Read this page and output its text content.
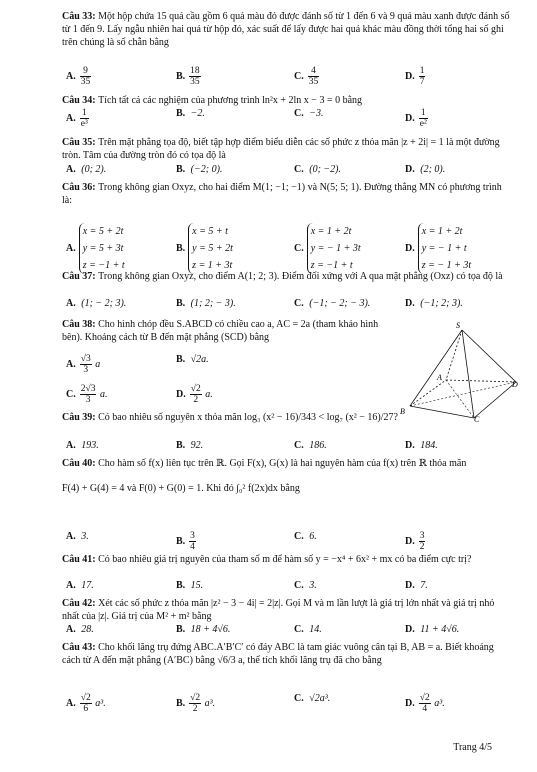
Câu 33: Một hộp chứa 15 quả cầu gồm 6 quả màu đỏ được đánh số từ 1 đến 6 và 9 quả màu xanh được đánh số từ 1 đến 9. Lấy ngẫu nhiên hai quả từ hộp đó, xác suất để lấy được hai quả khác màu đồng thời tổng hai số ghi trên chúng là số chẵn bằng
A. $\frac{9}{35}$	B. $\frac{18}{35}$	C. $\frac{4}{35}$	D. $\frac{1}{7}$
Câu 34: Tích tất cả các nghiệm của phương trình ln²x + 2ln x − 3 = 0 bằng
A. $\frac{1}{\text{e³}}$	B. −2.	C. −3.	D. $\frac{1}{\text{e²}}$
Câu 35: Trên mặt phẳng tọa độ, biết tập hợp điểm biểu diễn các số phức z thỏa mãn |z + 2i| = 1 là một đường tròn. Tâm của đường tròn đó có tọa độ là
A. (0; 2).	B. (−2; 0).	C. (0; −2).	D. (2; 0).
Câu 36: Trong không gian Oxyz, cho hai điểm M(1; −1; −1) và N(5; 5; 1). Đường thẳng MN có phương trình là:
A.
x = 5 + 2t
y = 5 + 3t
z = −1 + t
B.
x = 5 + t
y = 5 + 2t
z = 1 + 3t
C.
x = 1 + 2t
y = − 1 + 3t
z = −1 + t
D.
x = 1 + 2t
y = − 1 + t
z = − 1 + 3t
Câu 37: Trong không gian Oxyz, cho điểm A(1; 2; 3). Điểm đối xứng với A qua mặt phẳng (Oxz) có tọa độ là
A. (1; − 2; 3).	B. (1; 2; − 3).	C. (−1; − 2; − 3).	D. (−1; 2; 3).
Câu 38: Cho hình chóp đều S.ABCD có chiều cao a, AC = 2a (tham khảo hình bên). Khoảng cách từ B đến mặt phẳng (SCD) bằng
A. $\frac{√3}{3}$ a	B. √2a.
C. $\frac{2√3}{3} a$.	D. $\frac{√2}{2} a$.
Câu 39: Có bao nhiêu số nguyên x thỏa mãn log₃ (x² − 16)/343 < log₇ (x² − 16)/27?
A. 193.	B. 92.	C. 186.	D. 184.
Câu 40: Cho hàm số f(x) liên tục trên ℝ. Gọi F(x), G(x) là hai nguyên hàm của f(x) trên ℝ thỏa mãn
F(4) + G(4) = 4 và F(0) + G(0) = 1. Khi đó ∫₀² f(2x)dx bằng
A. 3.	B. $\frac{3}{4}$	C. 6.	D. $\frac{3}{2}$
Câu 41: Có bao nhiêu giá trị nguyên của tham số m để hàm số y = −x⁴ + 6x² + mx có ba điểm cực trị?
A. 17.	B. 15.	C. 3.	D. 7.
Câu 42: Xét các số phức z thỏa mãn |z² − 3 − 4i| = 2|z|. Gọi M và m lần lượt là giá trị lớn nhất và giá trị nhỏ nhất của |z|. Giá trị của M² + m² bằng
A. 28.	B. 18 + 4√6.	C. 14.	D. 11 + 4√6.
Câu 43: Cho khối lăng trụ đứng ABC.A′B′C′ có đáy ABC là tam giác vuông cân tại B, AB = a. Biết khoảng cách từ A đến mặt phẳng (A′BC) bằng √6/3 a, thể tích khối lăng trụ đã cho bằng
A. $\frac{√2}{6} a^3$.	B. $\frac{√2}{2} a^3$.	C. √2a³.	D. $\frac{√2}{4} a^3$.
S
A
D
B
C
Trang 4/5
